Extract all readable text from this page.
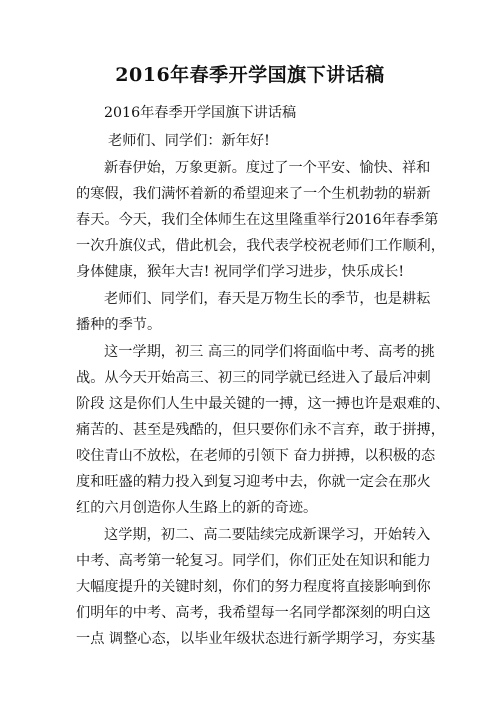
2016年春季开学国旗下讲话稿
2016年春季开学国旗下讲话稿
老师们、同学们：新年好!
新春伊始，万象更新。度过了一个平安、愉快、祥和
的寒假，我们满怀着新的希望迎来了一个生机勃勃的崭新
春天。今天，我们全体师生在这里隆重举行2016年春季第
一次升旗仪式，借此机会，我代表学校祝老师们工作顺利，
身体健康，猴年大吉! 祝同学们学习进步，快乐成长!
老师们、同学们，春天是万物生长的季节，也是耕耘
播种的季节。
这一学期，初三 高三的同学们将面临中考、高考的挑
战。从今天开始高三、初三的同学就已经进入了最后冲刺
阶段 这是你们人生中最关键的一搏，这一搏也许是艰难的、
痛苦的、甚至是残酷的，但只要你们永不言弃，敢于拼搏，
咬住青山不放松，在老师的引领下 奋力拼搏，以积极的态
度和旺盛的精力投入到复习迎考中去，你就一定会在那火
红的六月创造你人生路上的新的奇迹。
这学期，初二、高二要陆续完成新课学习，开始转入
中考、高考第一轮复习。同学们，你们正处在知识和能力
大幅度提升的关键时刻，你们的努力程度将直接影响到你
们明年的中考、高考，我希望每一名同学都深刻的明白这
一点 调整心态，以毕业年级状态进行新学期学习，夯实基
